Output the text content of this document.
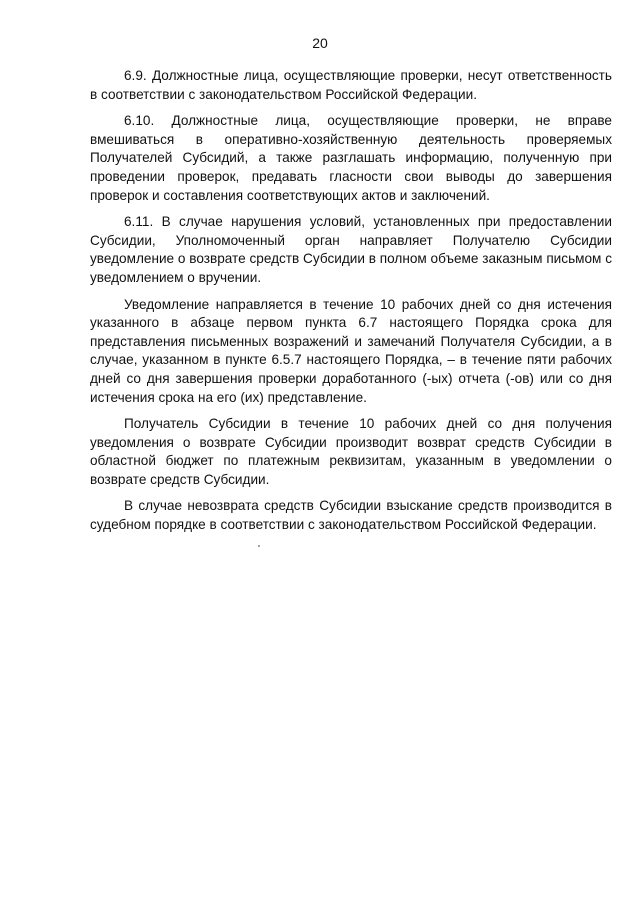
20

6.9. Должностные лица, осуществляющие проверки, несут ответственность в соответствии с законодательством Российской Федерации.

6.10. Должностные лица, осуществляющие проверки, не вправе вмешиваться в оперативно-хозяйственную деятельность проверяемых Получателей Субсидий, а также разглашать информацию, полученную при проведении проверок, предавать гласности свои выводы до завершения проверок и составления соответствующих актов и заключений.

6.11. В случае нарушения условий, установленных при предоставлении Субсидии, Уполномоченный орган направляет Получателю Субсидии уведомление о возврате средств Субсидии в полном объеме заказным письмом с уведомлением о вручении.

Уведомление направляется в течение 10 рабочих дней со дня истечения указанного в абзаце первом пункта 6.7 настоящего Порядка срока для представления письменных возражений и замечаний Получателя Субсидии, а в случае, указанном в пункте 6.5.7 настоящего Порядка, – в течение пяти рабочих дней со дня завершения проверки доработанного (-ых) отчета (-ов) или со дня истечения срока на его (их) представление.

Получатель Субсидии в течение 10 рабочих дней со дня получения уведомления о возврате Субсидии производит возврат средств Субсидии в областной бюджет по платежным реквизитам, указанным в уведомлении о возврате средств Субсидии.

В случае невозврата средств Субсидии взыскание средств производится в судебном порядке в соответствии с законодательством Российской Федерации.
